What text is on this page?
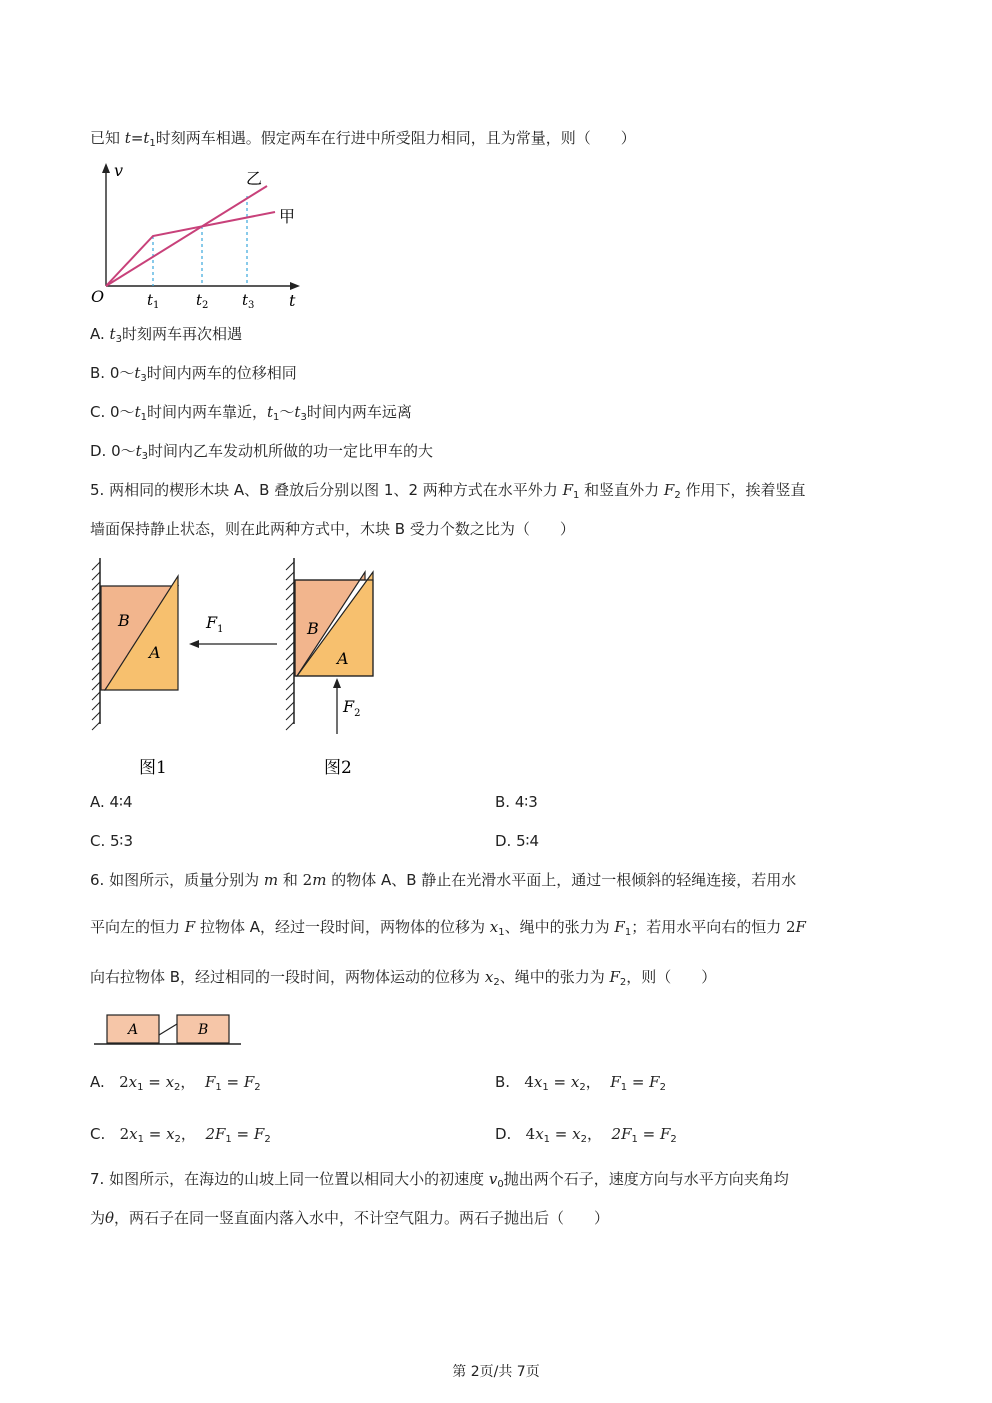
已知 $t=t_1$时刻两车相遇。假定两车在行进中所受阻力相同，且为常量，则（　　）
v
O	t
$t_1$ $t_2$ $t_3$
乙
甲
A. $t_3$时刻两车再次相遇
B. $0\sim t_3$时间内两车的位移相同
C. $0\sim t_1$时间内两车靠近，$t_1\sim t_3$时间内两车远离
D. $0\sim t_3$时间内乙车发动机所做的功一定比甲车的大
5. 两相同的楔形木块 A、B 叠放后分别以图 1、2 两种方式在水平外力 $F_1$ 和竖直外力 $F_2$ 作用下，挨着竖直
墙面保持静止状态，则在此两种方式中，木块 B 受力个数之比为（　　）
B
A
$F_1$	B
A
$F_2$
图1	图2
A. 4∶4	B. 4∶3
C. 5∶3	D. 5∶4
6. 如图所示，质量分别为 m 和 2m 的物体 A、B 静止在光滑水平面上，通过一根倾斜的轻绳连接，若用水
平向左的恒力 F 拉物体 A，经过一段时间，两物体的位移为 $x_1$、绳中的张力为 $F_1$；若用水平向右的恒力 2F
向右拉物体 B，经过相同的一段时间，两物体运动的位移为 $x_2$、绳中的张力为 $F_2$，则（　　）
A	B
A. $2x_1 = x_2$，  $F_1 = F_2$	B. $4x_1 = x_2$，  $F_1 = F_2$
C. $2x_1 = x_2$，  $2F_1 = F_2$	D. $4x_1 = x_2$，  $2F_1 = F_2$
7. 如图所示，在海边的山坡上同一位置以相同大小的初速度 $v_0$抛出两个石子，速度方向与水平方向夹角均
为θ，两石子在同一竖直面内落入水中，不计空气阻力。两石子抛出后（　　）
第 2页/共 7页
